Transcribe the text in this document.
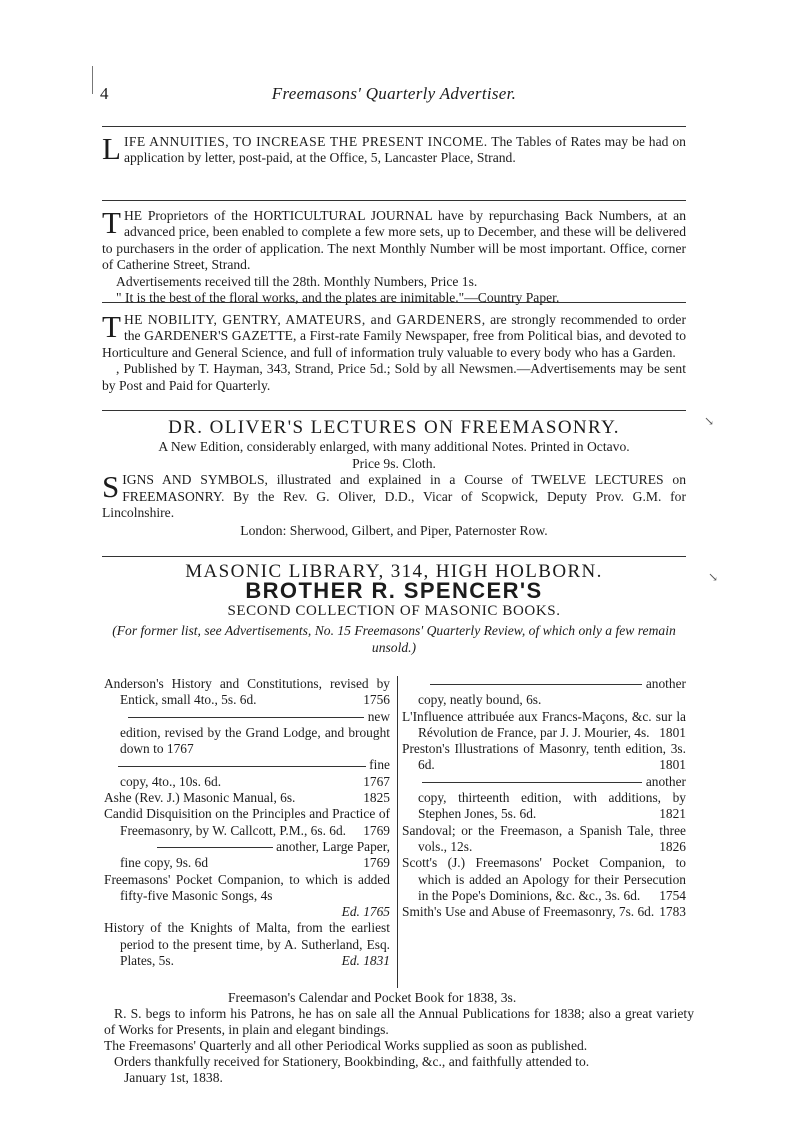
4	Freemasons' Quarterly Advertiser.

LIFE ANNUITIES, TO INCREASE THE PRESENT INCOME. The Tables of Rates may be had on application by letter, post-paid, at the Office, 5, Lancaster Place, Strand.

THE Proprietors of the HORTICULTURAL JOURNAL have by repurchasing Back Numbers, at an advanced price, been enabled to complete a few more sets, up to December, and these will be delivered to purchasers in the order of application. The next Monthly Number will be most important. Office, corner of Catherine Street, Strand.

Advertisements received till the 28th. Monthly Numbers, Price 1s.

" It is the best of the floral works, and the plates are inimitable."—Country Paper.

THE NOBILITY, GENTRY, AMATEURS, and GARDENERS, are strongly recommended to order the GARDENER'S GAZETTE, a First-rate Family Newspaper, free from Political bias, and devoted to Horticulture and General Science, and full of information truly valuable to every body who has a Garden.

, Published by T. Hayman, 343, Strand, Price 5d.; Sold by all Newsmen.—Advertisements may be sent by Post and Paid for Quarterly.

DR. OLIVER'S LECTURES ON FREEMASONRY.

A New Edition, considerably enlarged, with many additional Notes. Printed in Octavo.

Price 9s. Cloth.

SIGNS AND SYMBOLS, illustrated and explained in a Course of TWELVE LECTURES on FREEMASONRY. By the Rev. G. Oliver, D.D., Vicar of Scopwick, Deputy Prov. G.M. for Lincolnshire.

London: Sherwood, Gilbert, and Piper, Paternoster Row.

MASONIC LIBRARY, 314, HIGH HOLBORN.
BROTHER R. SPENCER'S
SECOND COLLECTION OF MASONIC BOOKS.

(For former list, see Advertisements, No. 15 Freemasons' Quarterly Review, of which only a few remain unsold.)

Anderson's History and Constitutions, revised by Entick, small 4to., 5s. 6d.	1756

new

edition, revised by the Grand Lodge, and brought down to 1767

fine

copy, 4to., 10s. 6d.	1767

Ashe (Rev. J.) Masonic Manual, 6s.	1825

Candid Disquisition on the Principles and Practice of Freemasonry, by W. Callcott, P.M., 6s. 6d. 1769

another, Large Paper,

fine copy, 9s. 6d	1769

Freemasons' Pocket Companion, to which is added fifty-five Masonic Songs, 4s

Ed. 1765

History of the Knights of Malta, from the earliest period to the present time, by A. Sutherland, Esq. Plates, 5s.	Ed. 1831

another

copy, neatly bound, 6s.

L'Influence attribuée aux Francs-Maçons, &c. sur la Révolution de France, par J. J. Mourier, 4s. 1801

Preston's Illustrations of Masonry, tenth edition, 3s. 6d.	1801

another

copy, thirteenth edition, with additions, by Stephen Jones, 5s. 6d.	1821

Sandoval; or the Freemason, a Spanish Tale, three vols., 12s.	1826

Scott's (J.) Freemasons' Pocket Companion, to which is added an Apology for their Persecution in the Pope's Dominions, &c. &c., 3s. 6d. 1754

Smith's Use and Abuse of Freemasonry, 7s. 6d. 1783

Freemason's Calendar and Pocket Book for 1838, 3s.

R. S. begs to inform his Patrons, he has on sale all the Annual Publications for 1838; also a great variety of Works for Presents, in plain and elegant bindings.

The Freemasons' Quarterly and all other Periodical Works supplied as soon as published.

Orders thankfully received for Stationery, Bookbinding, &c., and faithfully attended to.

January 1st, 1838.

↘
↘
